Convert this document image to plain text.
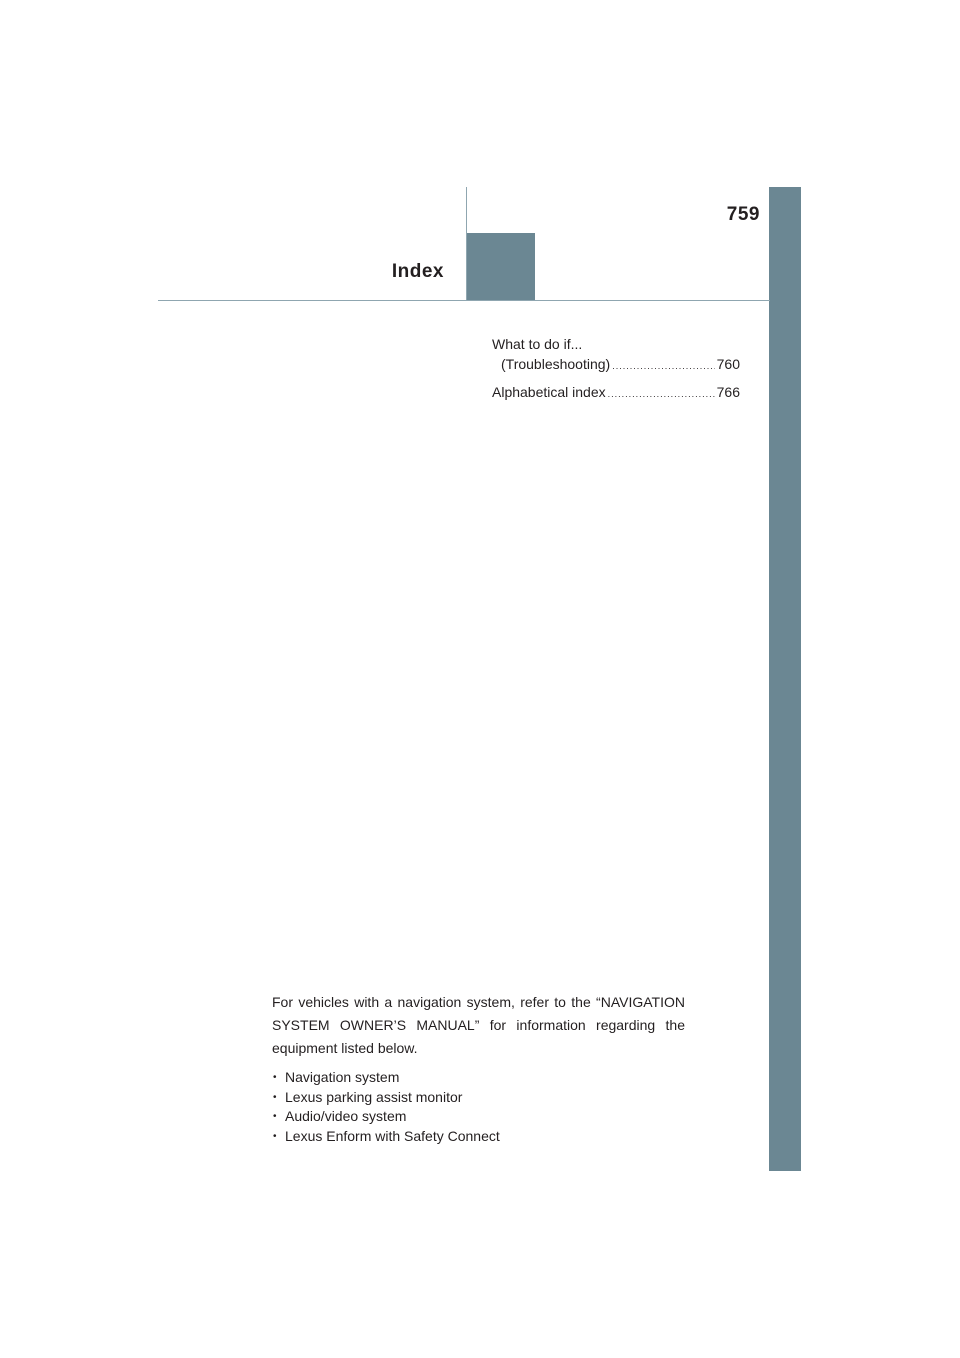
759
Index
What to do if...
(Troubleshooting) .....	760
Alphabetical index .....	766

For vehicles with a navigation system, refer to the “NAVIGATION SYSTEM OWNER’S MANUAL” for information regarding the equipment listed below.

• Navigation system
• Lexus parking assist monitor
• Audio/video system
• Lexus Enform with Safety Connect
